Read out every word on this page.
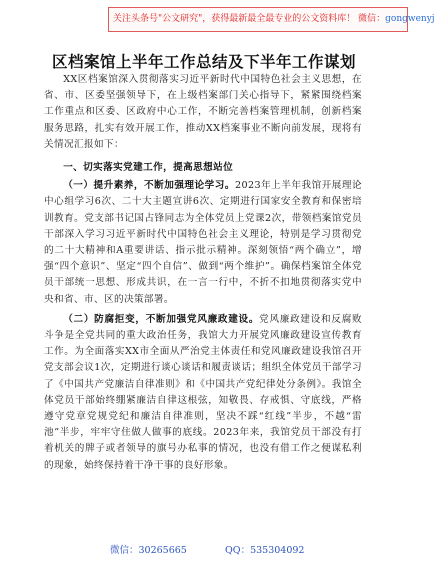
关注头条号"公文研究"，获得最新最全最专业的公文资料库！ 微信：gongwenyj
区档案馆上半年工作总结及下半年工作谋划

XX区档案馆深入贯彻落实习近平新时代中国特色社会主义思想，在省、市、区委坚强领导下，在上级档案部门关心指导下，紧紧围绕档案工作重点和区委、区政府中心工作，不断完善档案管理机制，创新档案服务思路，扎实有效开展工作，推动XX档案事业不断向前发展，现将有关情况汇报如下：

一、切实落实党建工作，提高思想站位

（一）提升素养，不断加强理论学习。2023年上半年我馆开展理论中心组学习6次、二十大主题宣讲6次、定期进行国家安全教育和保密培训教育。党支部书记国占锋同志为全体党员上党课2次，带领档案馆党员干部深入学习习近平新时代中国特色社会主义理论，特别是学习贯彻党的二十大精神和A重要讲话、指示批示精神。深刻领悟“两个确立”，增强“四个意识”、坚定“四个自信”、做到“两个维护”。确保档案馆全体党员干部统一思想、形成共识，在一言一行中，不折不扣地贯彻落实党中央和省、市、区的决策部署。

（二）防腐拒变，不断加强党风廉政建设。党风廉政建设和反腐败斗争是全党共同的重大政治任务，我馆大力开展党风廉政建设宣传教育工作。为全面落实XX市全面从严治党主体责任和党风廉政建设我馆召开党支部会议1次，定期进行谈心谈话和履责谈话；组织全体党员干部学习了《中国共产党廉洁自律准则》和《中国共产党纪律处分条例》。我馆全体党员干部始终绷紧廉洁自律这根弦，知敬畏、存戒惧、守底线，严格遵守党章党规党纪和廉洁自律准则，坚决不踩“红线”半步，不越“雷池”半步，牢牢守住做人做事的底线。2023年来，我馆党员干部没有打着机关的牌子或者领导的旗号办私事的情况，也没有借工作之便谋私利的现象，始终保持着干净干事的良好形象。

微信：30265665	QQ：535304092
